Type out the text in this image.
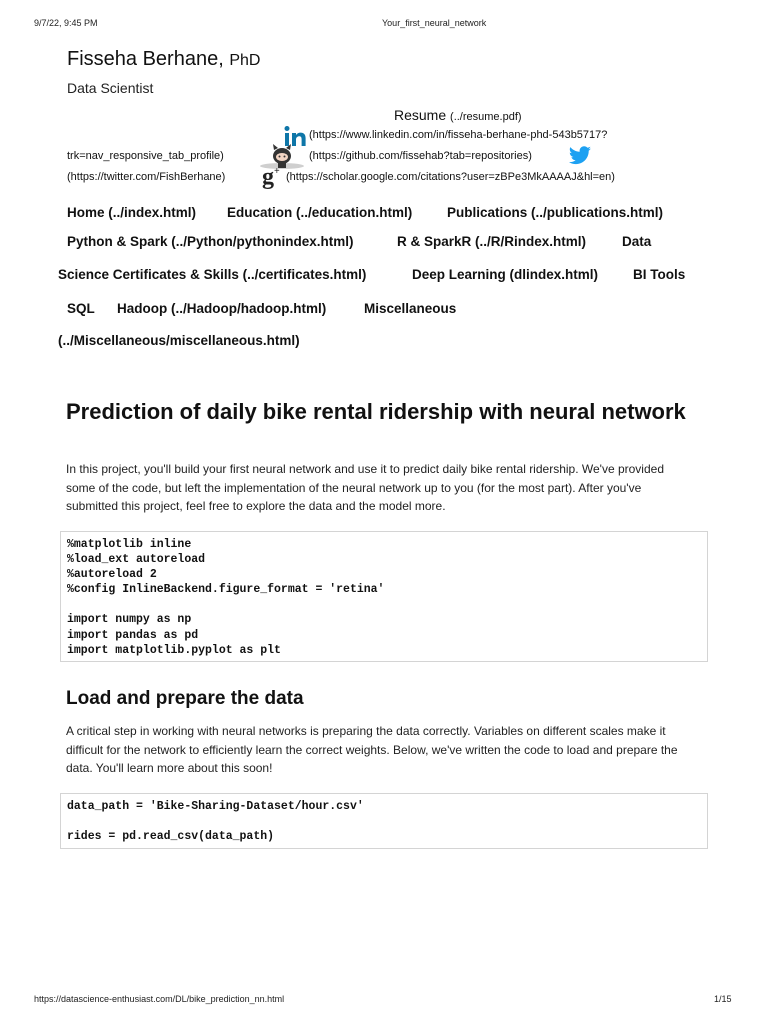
9/7/22, 9:45 PM	Your_first_neural_network
Fisseha Berhane, PhD
Data Scientist
Resume (../resume.pdf)
(https://www.linkedin.com/in/fisseha-berhane-phd-543b5717?
trk=nav_responsive_tab_profile)	(https://github.com/fissehab?tab=repositories)
(https://twitter.com/FishBerhane) g + (https://scholar.google.com/citations?user=zBPe3MkAAAAJ&hl=en)
Home (../index.html) Education (../education.html)	Publications (../publications.html)
Python & Spark (../Python/pythonindex.html)	R & SparkR (../R/Rindex.html)	Data
Science Certificates & Skills (../certificates.html)	Deep Learning (dlindex.html)	BI Tools
SQL Hadoop (../Hadoop/hadoop.html)	Miscellaneous
(../Miscellaneous/miscellaneous.html)
Prediction of daily bike rental ridership with neural network

In this project, you'll build your first neural network and use it to predict daily bike rental ridership. We've provided some of the code, but left the implementation of the neural network up to you (for the most part). After you've submitted this project, feel free to explore the data and the model more.

%matplotlib inline
%load_ext autoreload
%autoreload 2
%config InlineBackend.figure_format = 'retina'
import numpy as np
import pandas as pd
import matplotlib.pyplot as plt
Load and prepare the data

A critical step in working with neural networks is preparing the data correctly. Variables on different scales make it difficult for the network to efficiently learn the correct weights. Below, we've written the code to load and prepare the data. You'll learn more about this soon!

data_path = 'Bike-Sharing-Dataset/hour.csv'
rides = pd.read_csv(data_path)
https://datascience-enthusiast.com/DL/bike_prediction_nn.html	1/15
